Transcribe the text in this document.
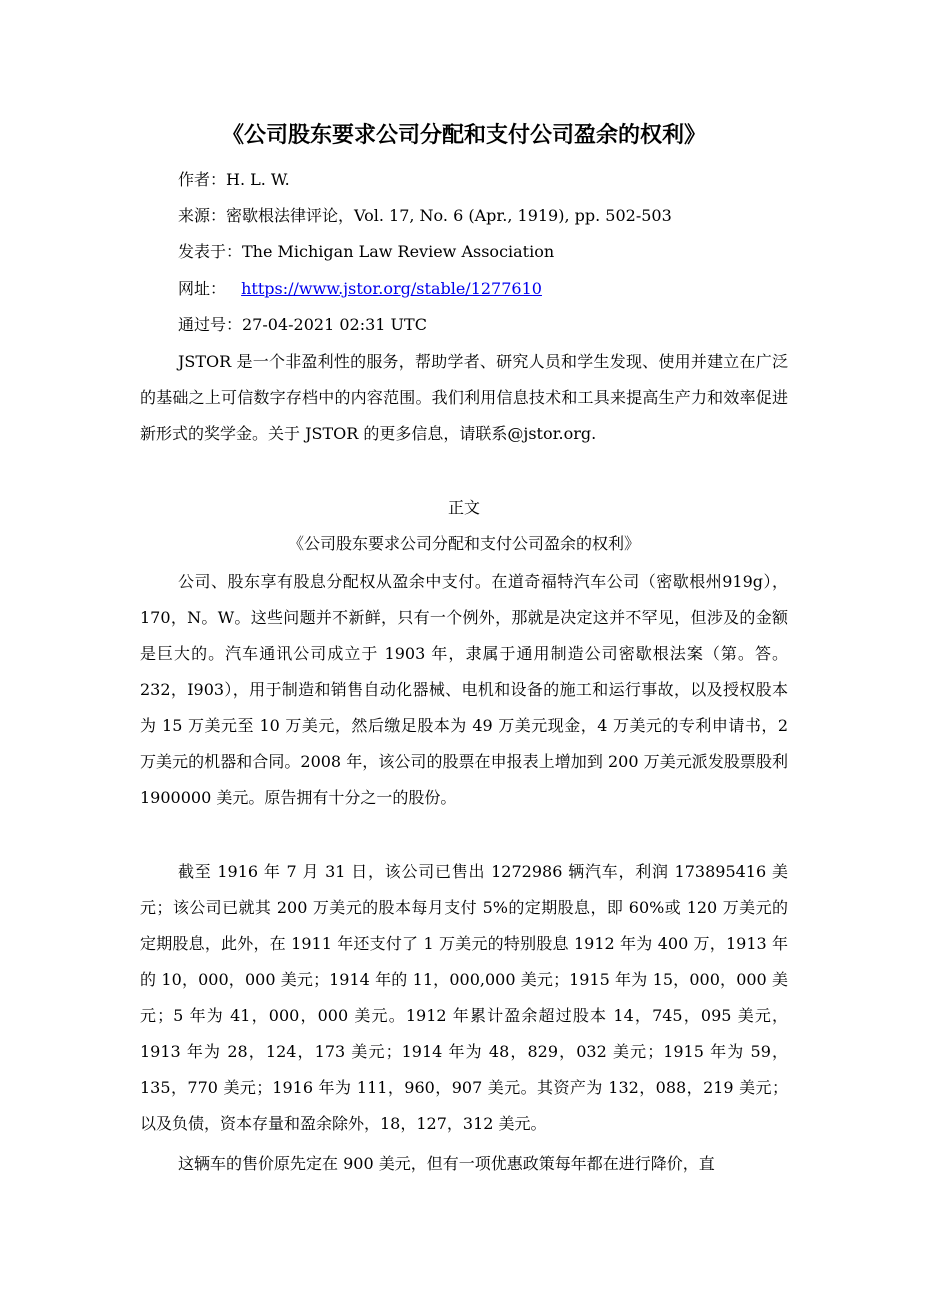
《公司股东要求公司分配和支付公司盈余的权利》
作者：H. L. W.
来源：密歇根法律评论，Vol. 17, No. 6 (Apr., 1919), pp. 502-503
发表于：The Michigan Law Review Association
网址： https://www.jstor.org/stable/1277610
通过号：27-04-2021 02:31 UTC

JSTOR 是一个非盈利性的服务，帮助学者、研究人员和学生发现、使用并建立在广泛的基础之上可信数字存档中的内容范围。我们利用信息技术和工具来提高生产力和效率促进新形式的奖学金。关于 JSTOR 的更多信息，请联系@jstor.org.

正文
《公司股东要求公司分配和支付公司盈余的权利》

公司、股东享有股息分配权从盈余中支付。在道奇福特汽车公司（密歇根州919g），170，N。W。这些问题并不新鲜，只有一个例外，那就是决定这并不罕见，但涉及的金额是巨大的。汽车通讯公司成立于 1903 年，隶属于通用制造公司密歇根法案（第。答。232，I903），用于制造和销售自动化器械、电机和设备的施工和运行事故，以及授权股本为 15 万美元至 10 万美元，然后缴足股本为 49 万美元现金，4 万美元的专利申请书，2 万美元的机器和合同。2008 年，该公司的股票在申报表上增加到 200 万美元派发股票股利 1900000 美元。原告拥有十分之一的股份。

截至 1916 年 7 月 31 日，该公司已售出 1272986 辆汽车，利润 173895416 美元；该公司已就其 200 万美元的股本每月支付 5%的定期股息，即 60%或 120 万美元的定期股息，此外，在 1911 年还支付了 1 万美元的特别股息 1912 年为 400 万，1913 年的 10，000，000 美元；1914 年的 11，000,000 美元；1915 年为 15，000，000 美元；5 年为 41，000，000 美元。1912 年累计盈余超过股本 14，745，095 美元，1913 年为 28，124，173 美元；1914 年为 48，829，032 美元；1915 年为 59，135，770 美元；1916 年为 111，960，907 美元。其资产为 132，088，219 美元；以及负债，资本存量和盈余除外，18，127，312 美元。

这辆车的售价原先定在 900 美元，但有一项优惠政策每年都在进行降价，直
